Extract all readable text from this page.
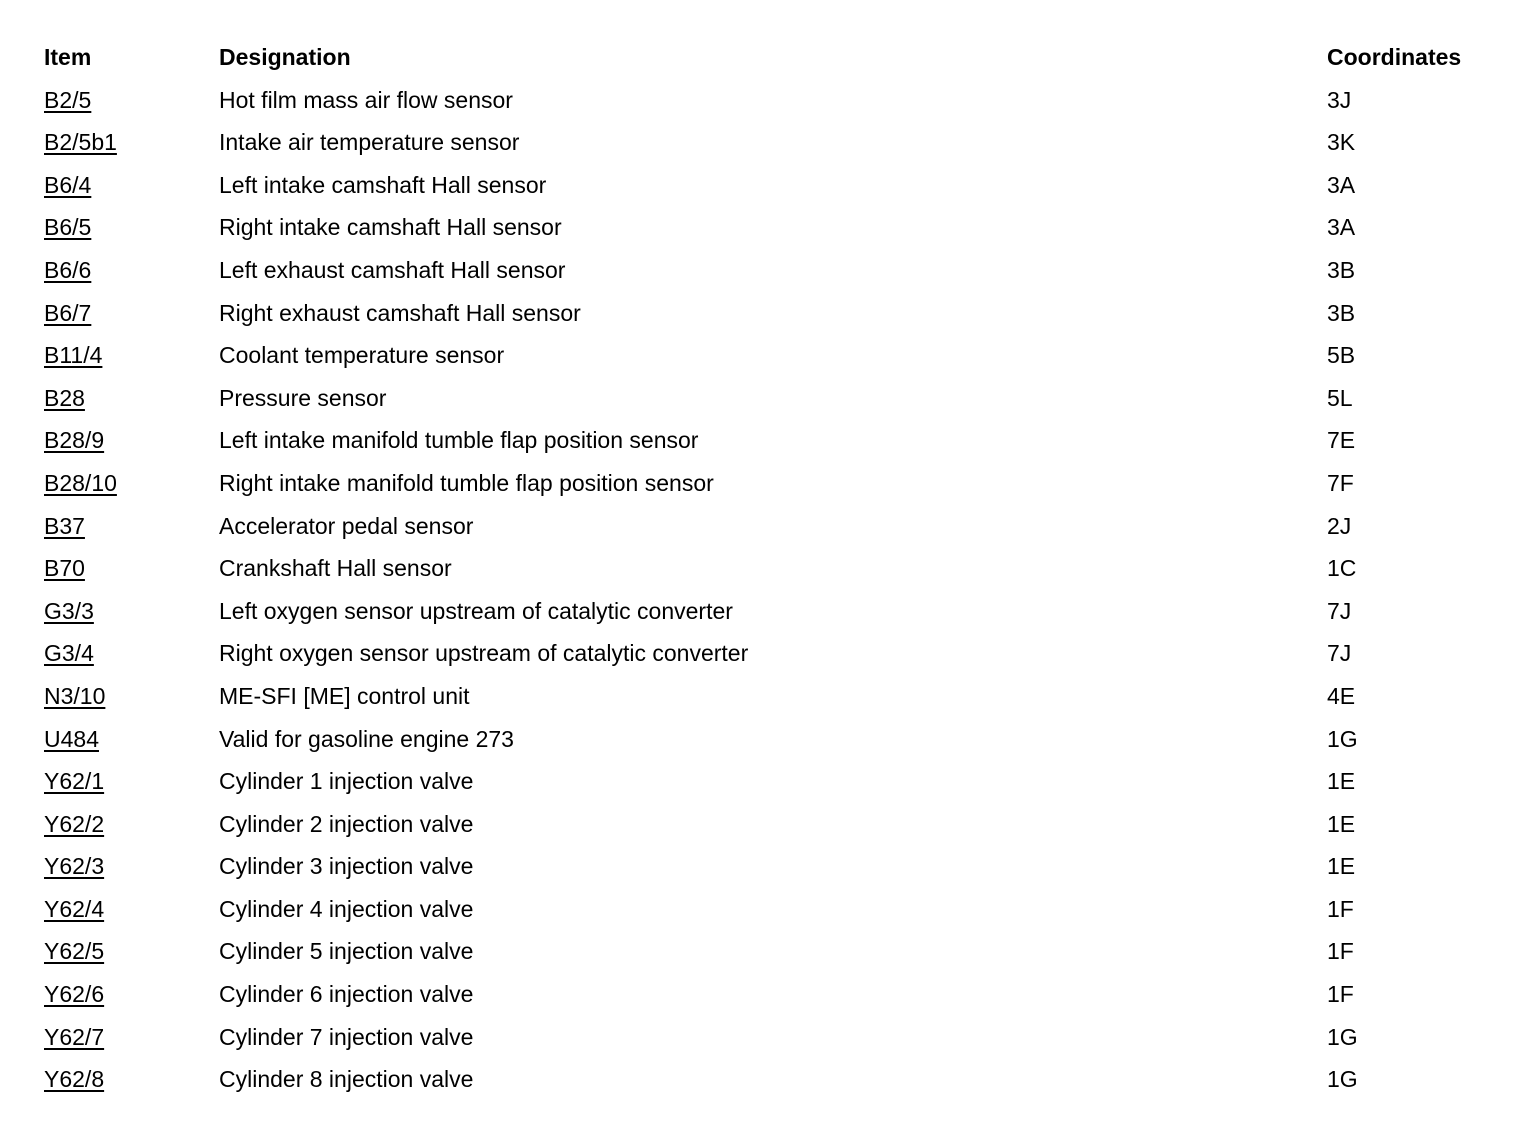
Item	Designation	Coordinates
B2/5	Hot film mass air flow sensor	3J
B2/5b1	Intake air temperature sensor	3K
B6/4	Left intake camshaft Hall sensor	3A
B6/5	Right intake camshaft Hall sensor	3A
B6/6	Left exhaust camshaft Hall sensor	3B
B6/7	Right exhaust camshaft Hall sensor	3B
B11/4	Coolant temperature sensor	5B
B28	Pressure sensor	5L
B28/9	Left intake manifold tumble flap position sensor	7E
B28/10	Right intake manifold tumble flap position sensor	7F
B37	Accelerator pedal sensor	2J
B70	Crankshaft Hall sensor	1C
G3/3	Left oxygen sensor upstream of catalytic converter	7J
G3/4	Right oxygen sensor upstream of catalytic converter	7J
N3/10	ME-SFI [ME] control unit	4E
U484	Valid for gasoline engine 273	1G
Y62/1	Cylinder 1 injection valve	1E
Y62/2	Cylinder 2 injection valve	1E
Y62/3	Cylinder 3 injection valve	1E
Y62/4	Cylinder 4 injection valve	1F
Y62/5	Cylinder 5 injection valve	1F
Y62/6	Cylinder 6 injection valve	1F
Y62/7	Cylinder 7 injection valve	1G
Y62/8	Cylinder 8 injection valve	1G
